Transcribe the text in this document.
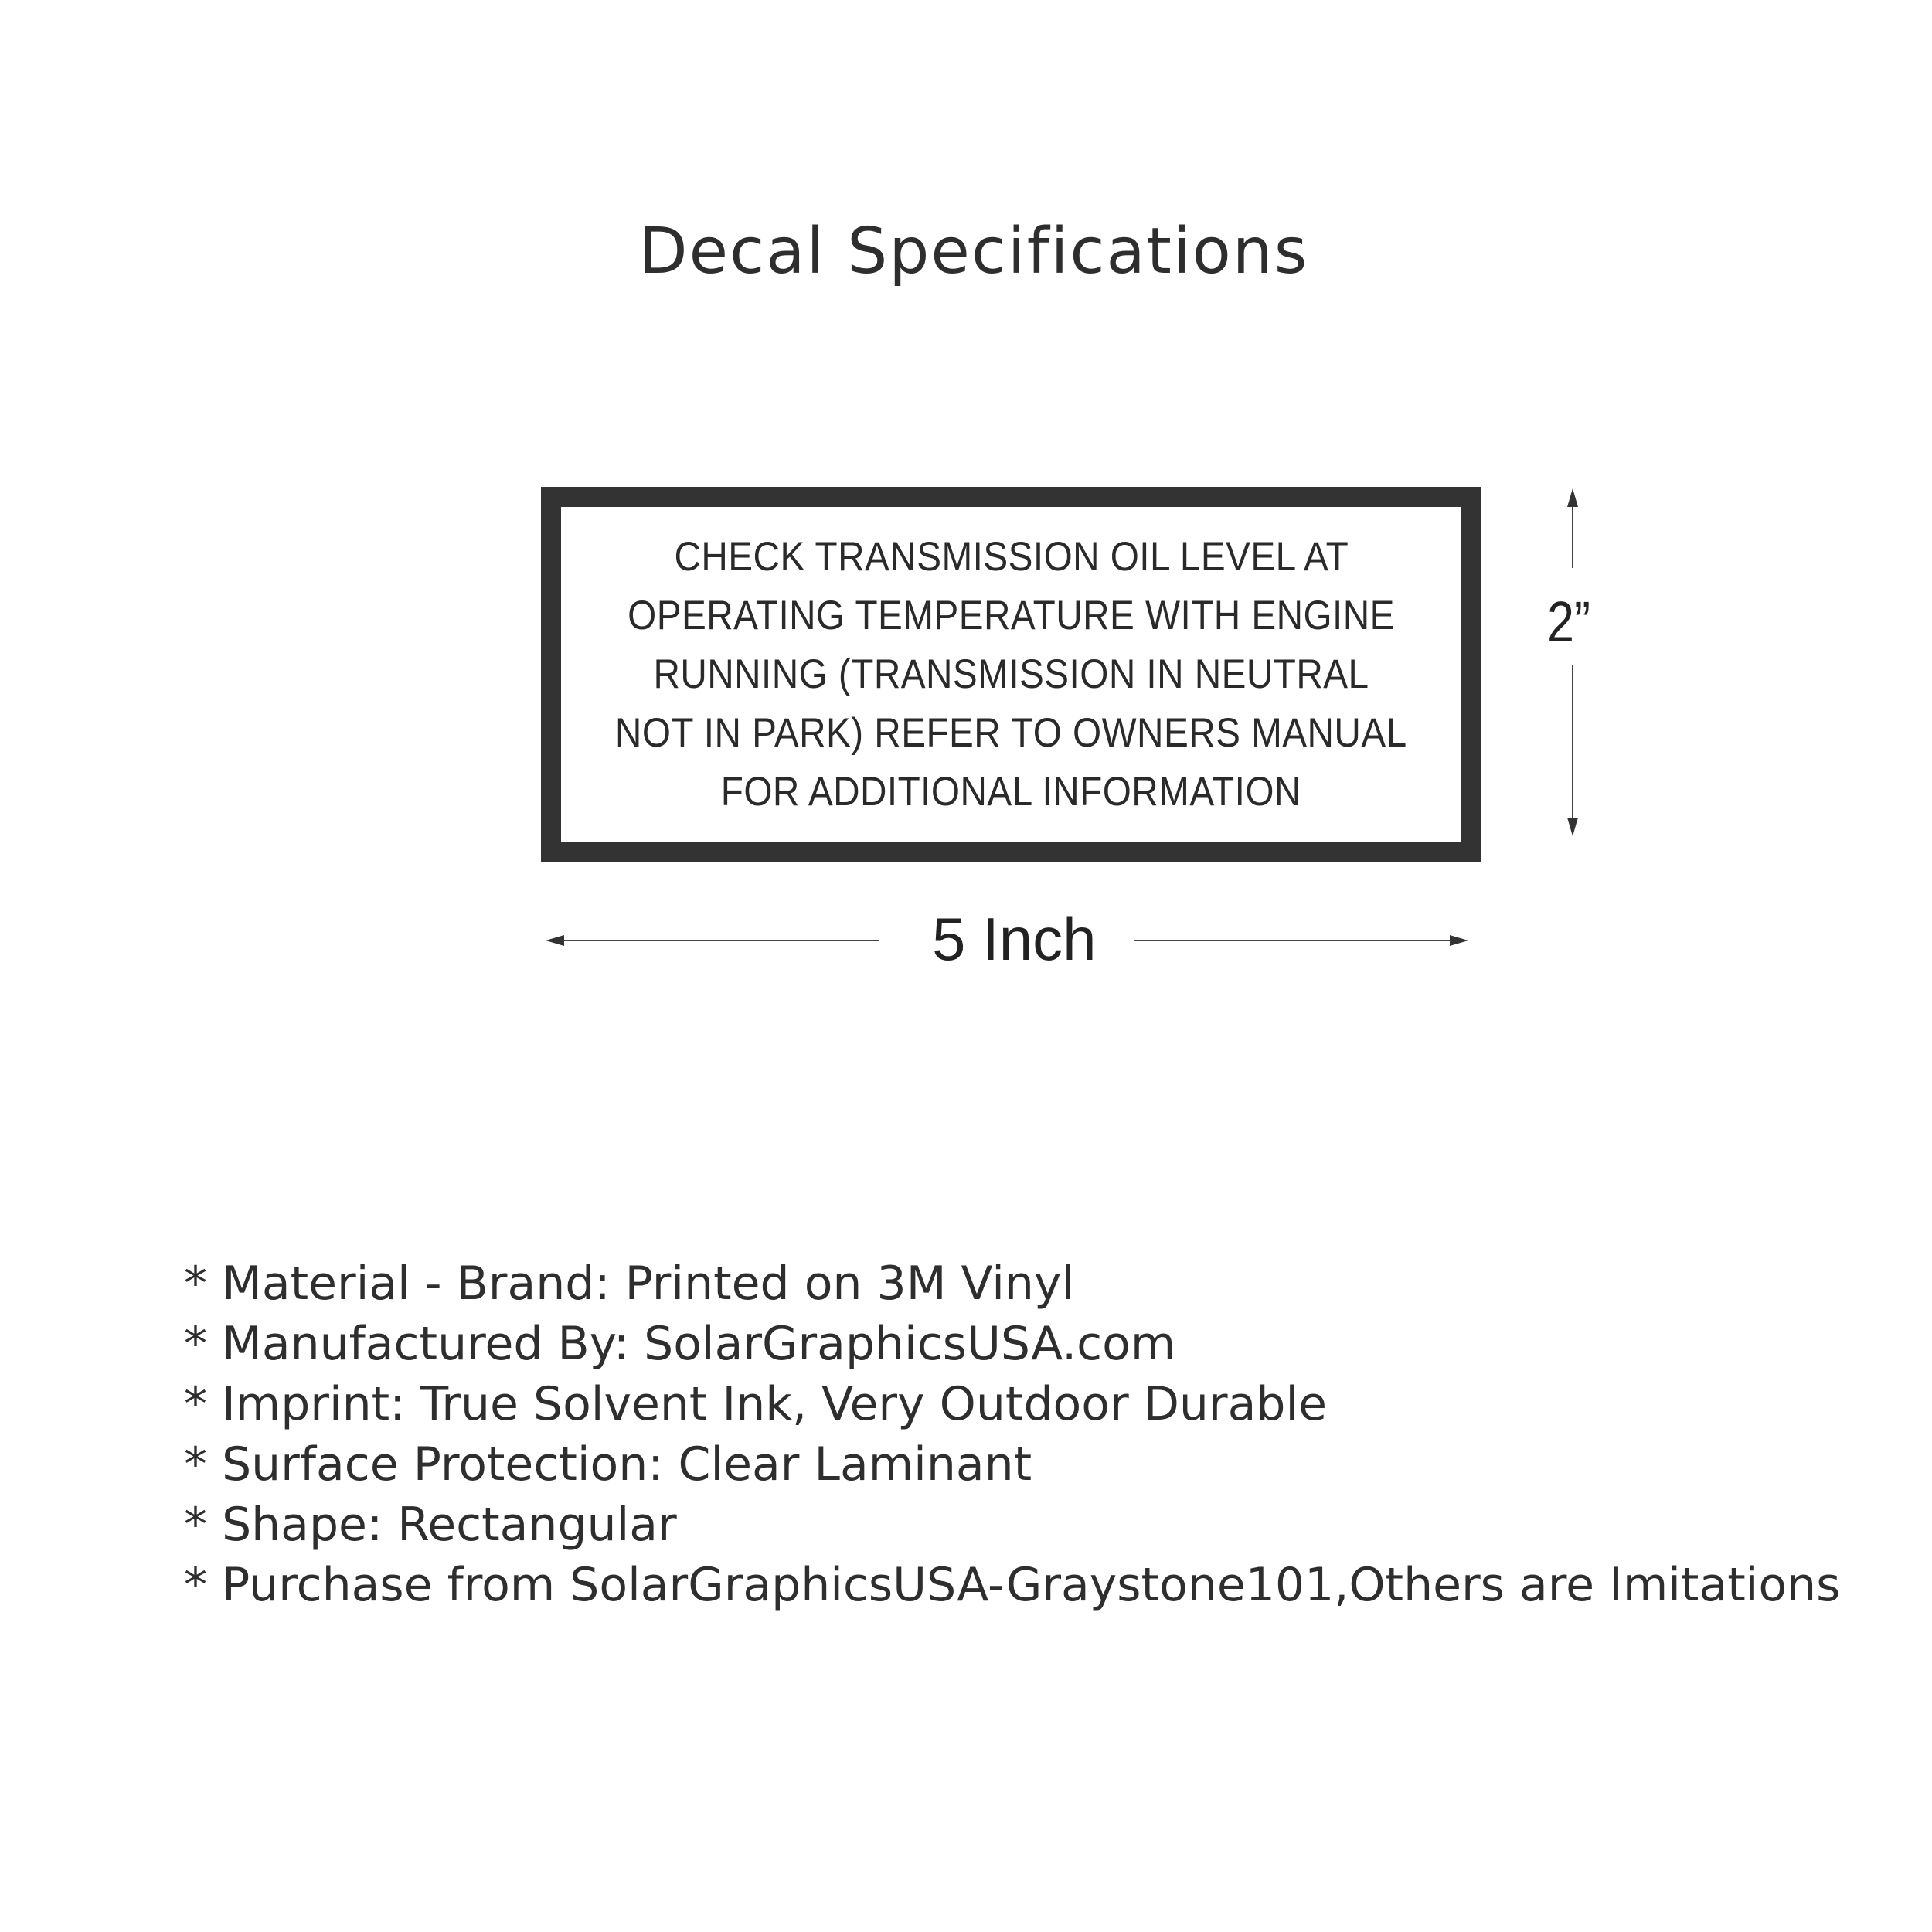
Decal Specifications
CHECK TRANSMISSION OIL LEVEL AT
OPERATING TEMPERATURE WITH ENGINE
RUNNING (TRANSMISSION IN NEUTRAL
NOT IN PARK) REFER TO OWNERS MANUAL
FOR ADDITIONAL INFORMATION
2”
5 Inch
* Material - Brand: Printed on 3M Vinyl
* Manufactured By: SolarGraphicsUSA.com
* Imprint: True Solvent Ink, Very Outdoor Durable
* Surface Protection: Clear Laminant
* Shape: Rectangular
* Purchase from SolarGraphicsUSA-Graystone101,Others are Imitations
